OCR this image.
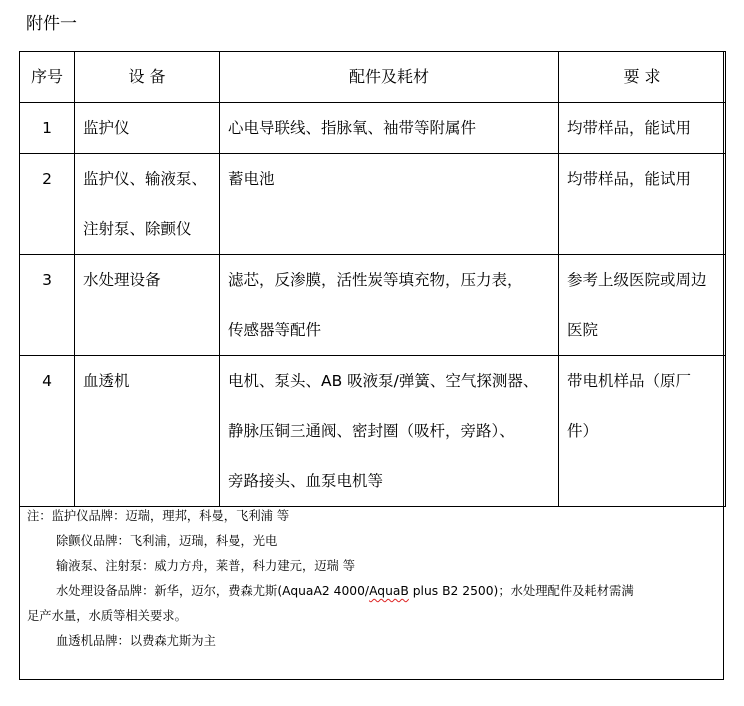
附件一
序号	设 备	配件及耗材	要 求
1	监护仪	心电导联线、指脉氧、袖带等附属件	均带样品，能试用

2	监护仪、输液泵、
注射泵、除颤仪	蓄电池	均带样品，能试用

3	水处理设备	滤芯，反渗膜，活性炭等填充物，压力表，
传感器等配件	参考上级医院或周边
医院

4	血透机	电机、泵头、AB 吸液泵/弹簧、空气探测器、
静脉压铜三通阀、密封圈（吸杆，旁路）、
旁路接头、血泵电机等	带电机样品（原厂
件）
注：监护仪品牌：迈瑞，理邦，科曼，飞利浦 等
除颤仪品牌：飞利浦，迈瑞，科曼，光电
输液泵、注射泵：威力方舟，莱普，科力建元，迈瑞 等
水处理设备品牌：新华，迈尔，费森尤斯(AquaA2 4000/AquaB plus B2 2500)；水处理配件及耗材需满
足产水量，水质等相关要求。
血透机品牌：以费森尤斯为主
